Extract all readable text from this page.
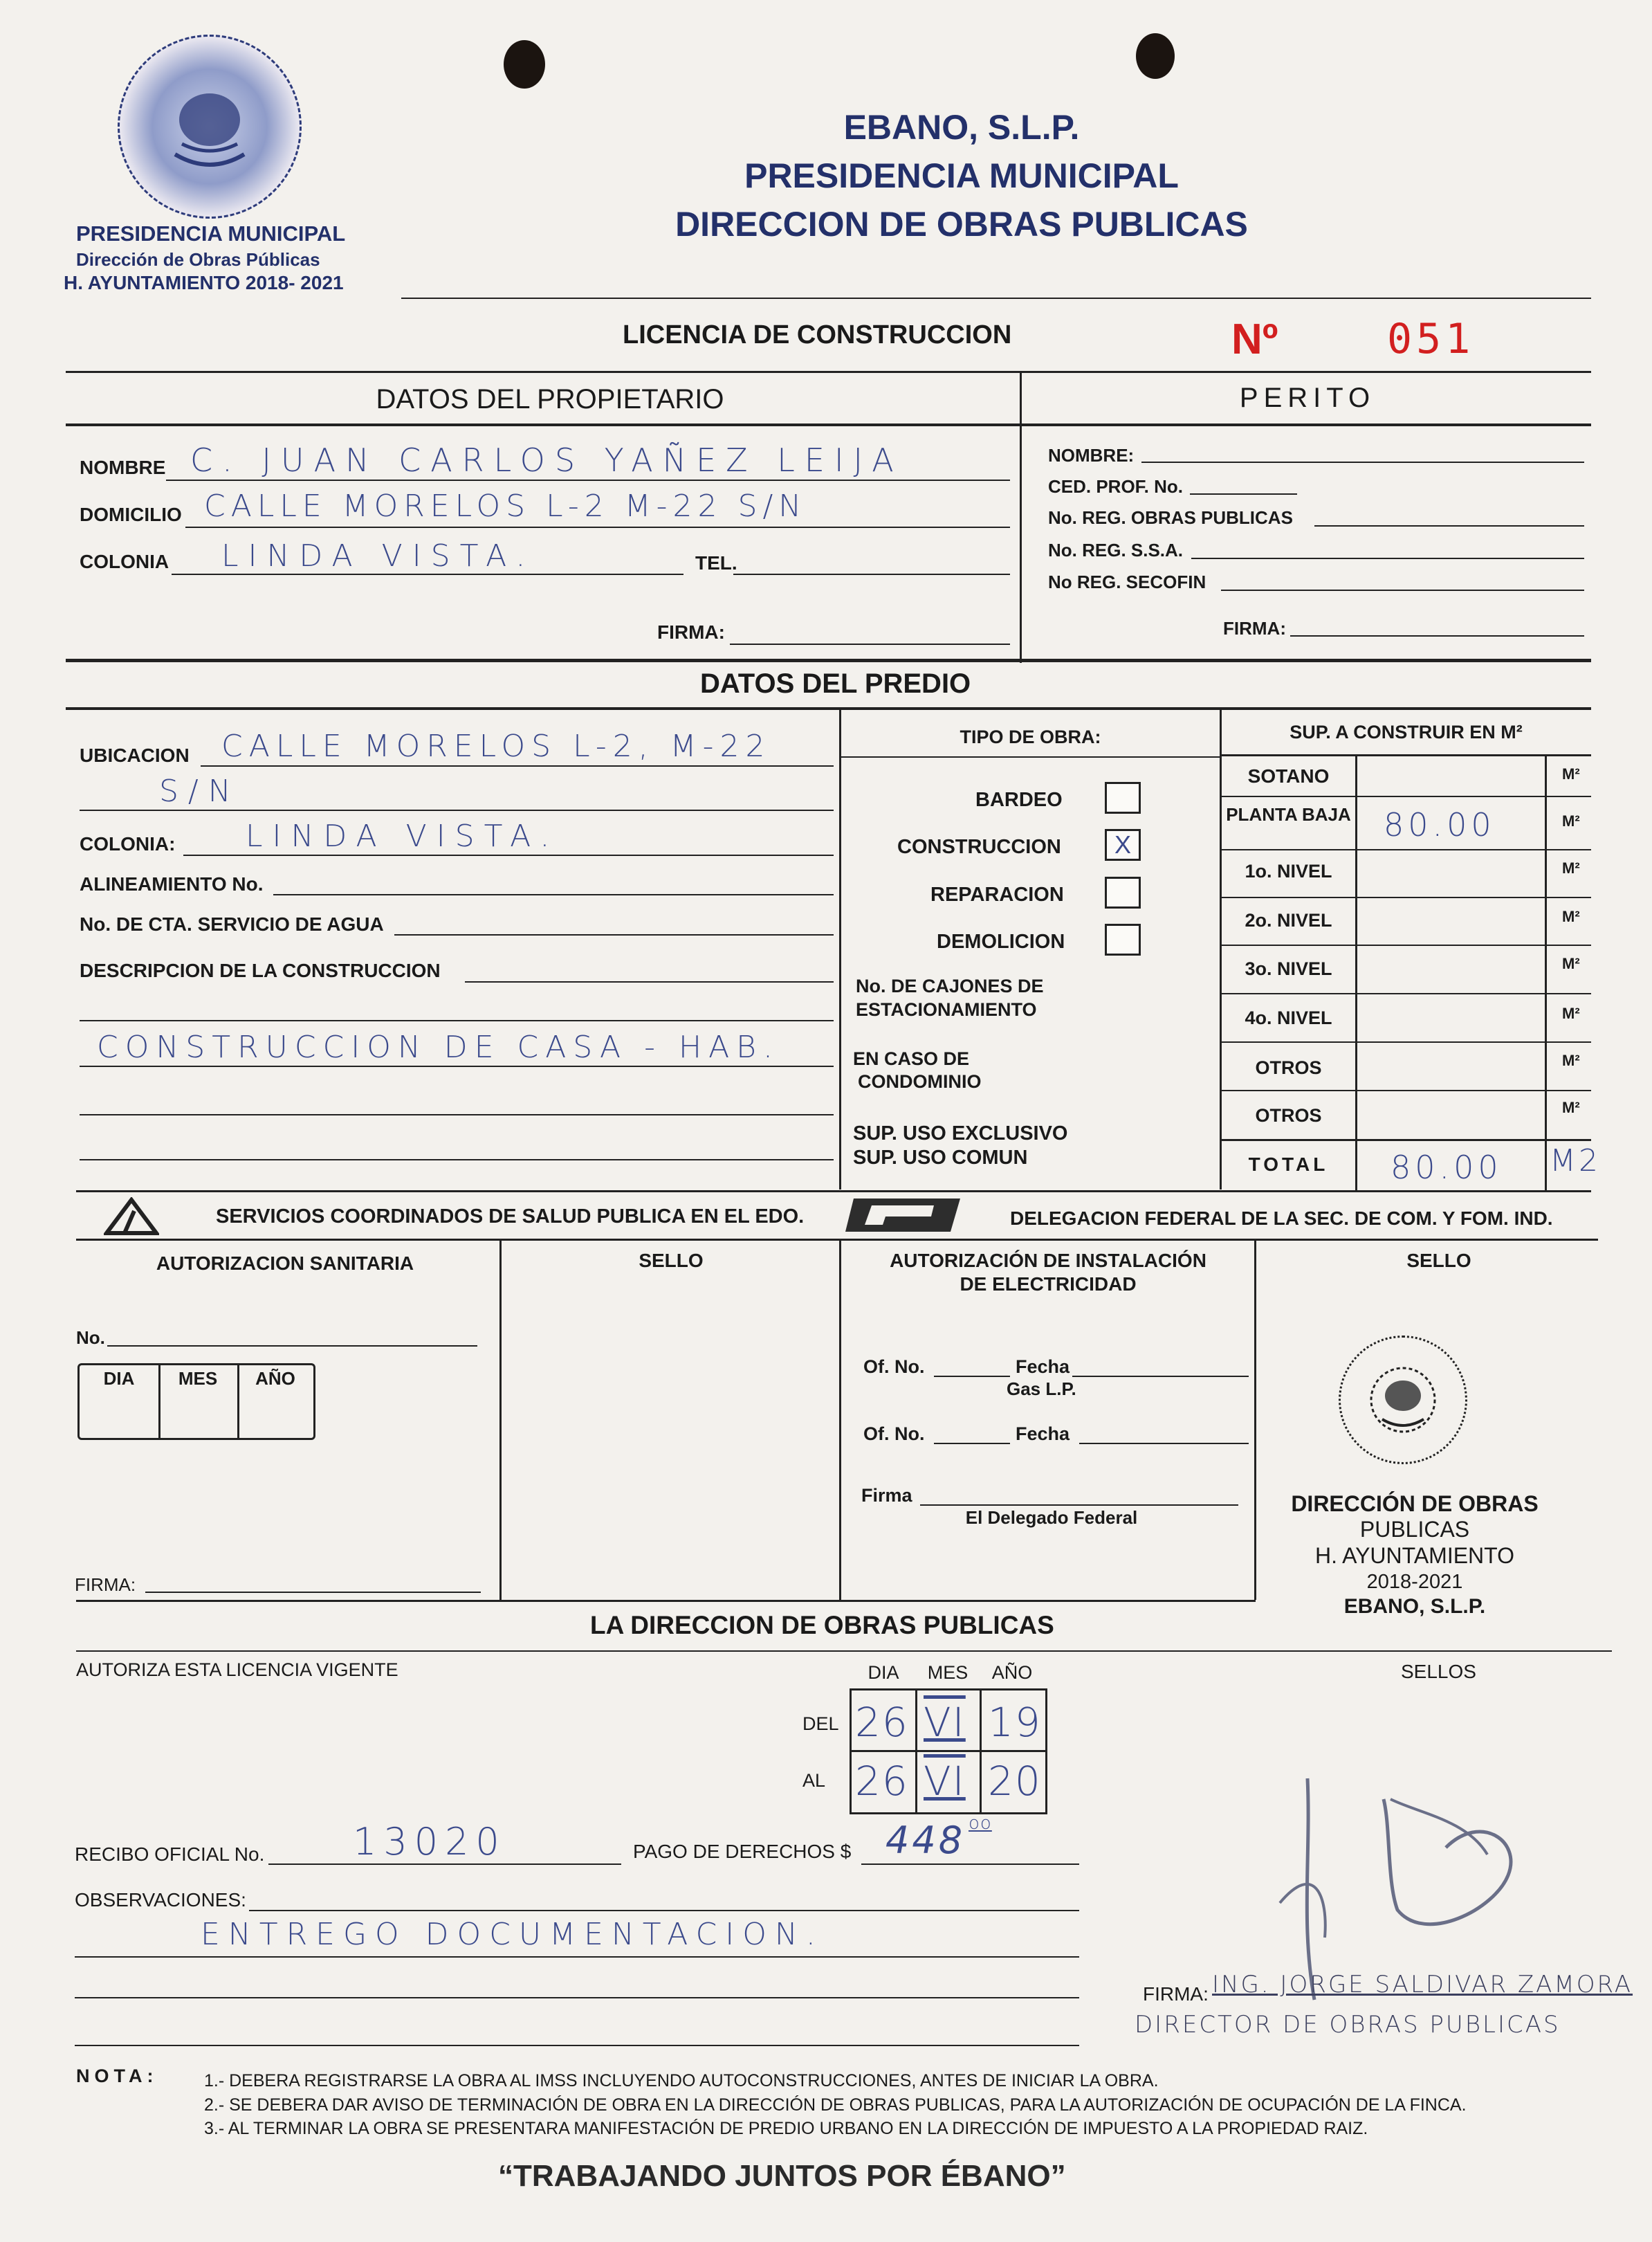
PRESIDENCIA MUNICIPAL
Dirección de Obras Públicas
H. AYUNTAMIENTO 2018- 2021
EBANO, S.L.P.
PRESIDENCIA MUNICIPAL
DIRECCION DE OBRAS PUBLICAS
LICENCIA DE CONSTRUCCION	Nº	051
DATOS DEL PROPIETARIO	PERITO
NOMBRE C. JUAN CARLOS YAÑEZ LEIJA
DOMICILIO CALLE MORELOS L-2 M-22 S/N
COLONIA LINDA VISTA.	TEL.
FIRMA:
NOMBRE:
CED. PROF. No.
No. REG. OBRAS PUBLICAS
No. REG. S.S.A.
No REG. SECOFIN
FIRMA:
DATOS DEL PREDIO
UBICACION CALLE MORELOS L-2, M-22
S/N
COLONIA: LINDA VISTA.
ALINEAMIENTO No.
No. DE CTA. SERVICIO DE AGUA
DESCRIPCION DE LA CONSTRUCCION
CONSTRUCCION DE CASA - HAB.
TIPO DE OBRA:
BARDEO
CONSTRUCCION	X
REPARACION
DEMOLICION
No. DE CAJONES DE
ESTACIONAMIENTO
EN CASO DE
CONDOMINIO
SUP. USO EXCLUSIVO
SUP. USO COMUN
SUP. A CONSTRUIR EN M²
SOTANO	M²
PLANTA BAJA 80.00	M²
1o. NIVEL	M²
2o. NIVEL	M²
3o. NIVEL	M²
4o. NIVEL	M²
OTROS	M²
OTROS	M²
TOTAL	80.00 M2
SERVICIOS COORDINADOS DE SALUD PUBLICA EN EL EDO.	DELEGACION FEDERAL DE LA SEC. DE COM. Y FOM. IND.
AUTORIZACION SANITARIA	SELLO
No.
DIA	MES	AÑO
FIRMA:
AUTORIZACIÓN DE INSTALACIÓN
DE ELECTRICIDAD
SELLO
Of. No.	Fecha
Gas L.P.
Of. No.	Fecha
Firma
El Delegado Federal
DIRECCIÓN DE OBRAS
PUBLICAS
H. AYUNTAMIENTO
2018-2021
EBANO, S.L.P.
LA DIRECCION DE OBRAS PUBLICAS
AUTORIZA ESTA LICENCIA VIGENTE	SELLOS
DIA	MES	AÑO
DEL 26 VI 19
AL 26 VI 20
RECIBO OFICIAL No. 13020	PAGO DE DERECHOS $ 448 oo
OBSERVACIONES:
ENTREGO DOCUMENTACION.
FIRMA: ING. JORGE SALDIVAR ZAMORA
DIRECTOR DE OBRAS PUBLICAS
NOTA:	1.- DEBERA REGISTRARSE LA OBRA AL IMSS INCLUYENDO AUTOCONSTRUCCIONES, ANTES DE INICIAR LA OBRA.
2.- SE DEBERA DAR AVISO DE TERMINACIÓN DE OBRA EN LA DIRECCIÓN DE OBRAS PUBLICAS, PARA LA AUTORIZACIÓN DE OCUPACIÓN DE LA FINCA.
3.- AL TERMINAR LA OBRA SE PRESENTARA MANIFESTACIÓN DE PREDIO URBANO EN LA DIRECCIÓN DE IMPUESTO A LA PROPIEDAD RAIZ.
“TRABAJANDO JUNTOS POR ÉBANO”
